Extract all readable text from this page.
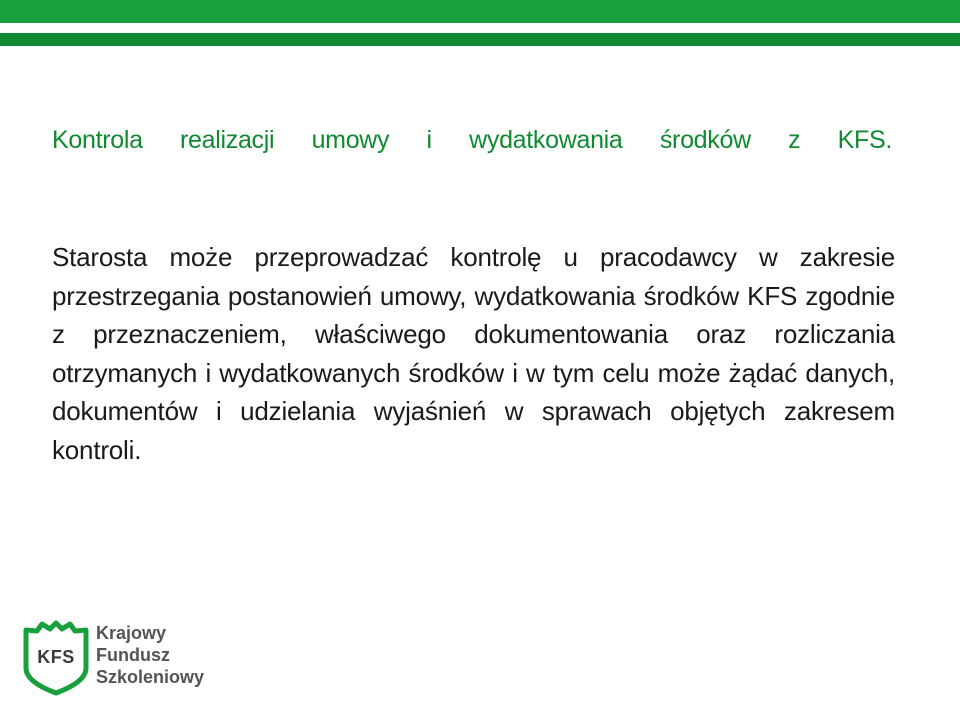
Kontrola realizacji umowy i wydatkowania środków z KFS.

Starosta może przeprowadzać kontrolę u pracodawcy w zakresie przestrzegania postanowień umowy, wydatkowania środków KFS zgodnie z przeznaczeniem, właściwego dokumentowania oraz rozliczania otrzymanych i wydatkowanych środków i w tym celu może żądać danych, dokumentów i udzielania wyjaśnień w sprawach objętych zakresem kontroli.

KFS
Krajowy
Fundusz
Szkoleniowy
